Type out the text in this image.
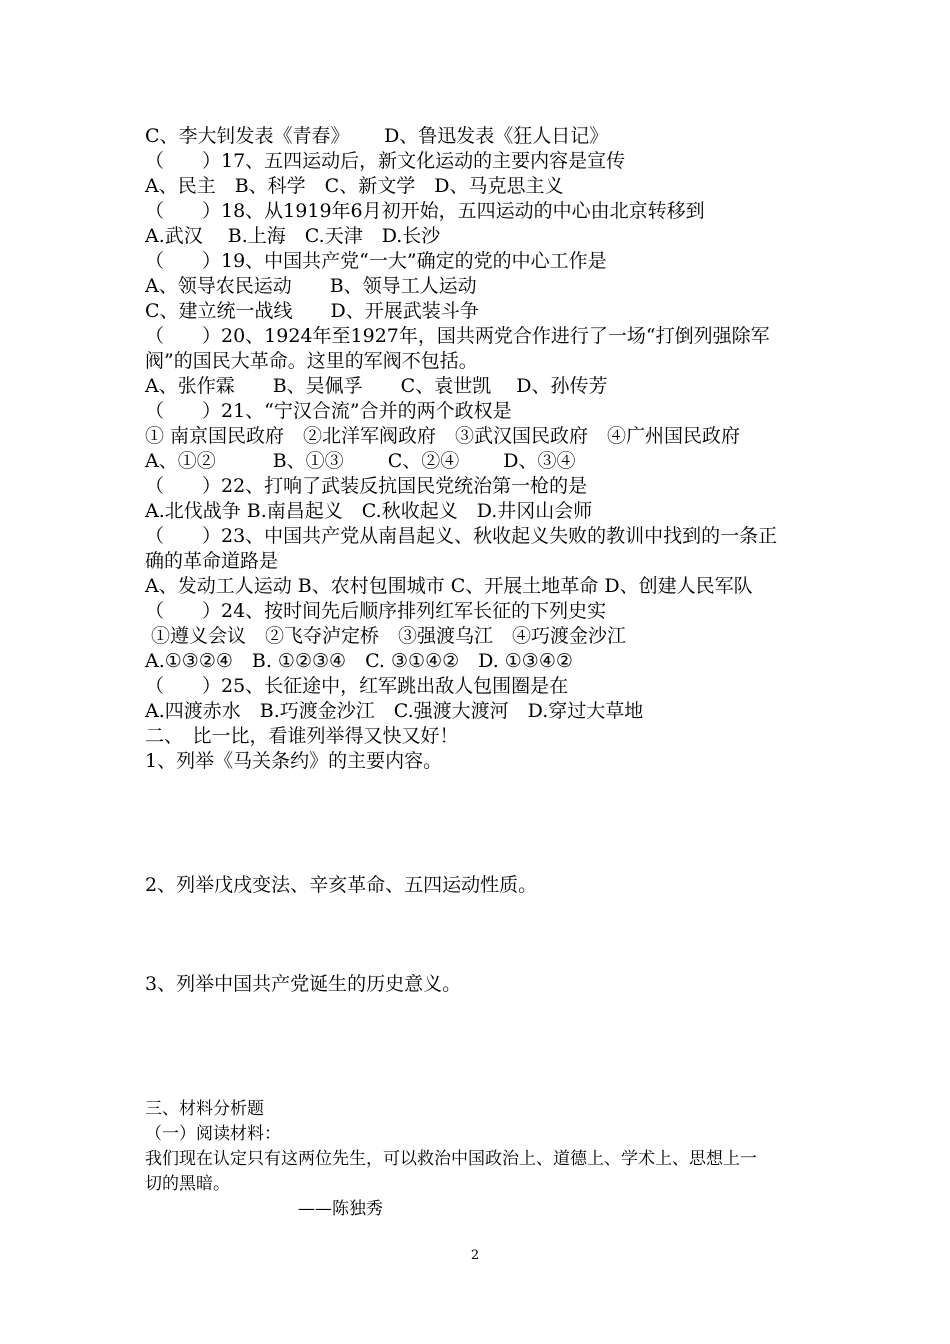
C、李大钊发表《青春》　　 D、鲁迅发表《狂人日记》
（　　）17、五四运动后，新文化运动的主要内容是宣传
A、民主　B、科学　C、新文学　D、马克思主义
（　　）18、从1919年6月初开始，五四运动的中心由北京转移到
A.武汉　 B.上海　C.天津　D.长沙
（　　）19、中国共产党“一大”确定的党的中心工作是
A、领导农民运动　　B、领导工人运动
C、建立统一战线　　D、开展武装斗争
（　　）20、1924年至1927年，国共两党合作进行了一场“打倒列强除军
阀”的国民大革命。这里的军阀不包括。
A、张作霖　　B、吴佩孚　　C、袁世凯　 D、孙传芳
（　　）21、“宁汉合流”合并的两个政权是
① 南京国民政府　②北洋军阀政府　③武汉国民政府　④广州国民政府
A、①②　　　B、①③　　 C、②④　　 D、③④
（　　）22、打响了武装反抗国民党统治第一枪的是
A.北伐战争 B.南昌起义　C.秋收起义　D.井冈山会师
（　　）23、中国共产党从南昌起义、秋收起义失败的教训中找到的一条正
确的革命道路是
A、发动工人运动 B、农村包围城市 C、开展土地革命 D、创建人民军队
（　　）24、按时间先后顺序排列红军长征的下列史实
①遵义会议　②飞夺泸定桥　③强渡乌江　④巧渡金沙江
A.①③②④　B. ①②③④　C. ③①④②　D. ①③④②
（　　）25、长征途中，红军跳出敌人包围圈是在
A.四渡赤水　B.巧渡金沙江　C.强渡大渡河　D.穿过大草地
二、　比一比，看谁列举得又快又好！
1、列举《马关条约》的主要内容。
2、列举戊戌变法、辛亥革命、五四运动性质。
3、列举中国共产党诞生的历史意义。
三、材料分析题
（一）阅读材料：
我们现在认定只有这两位先生，可以救治中国政治上、道德上、学术上、思想上一
切的黑暗。
　　　　　　　　　——陈独秀
2
